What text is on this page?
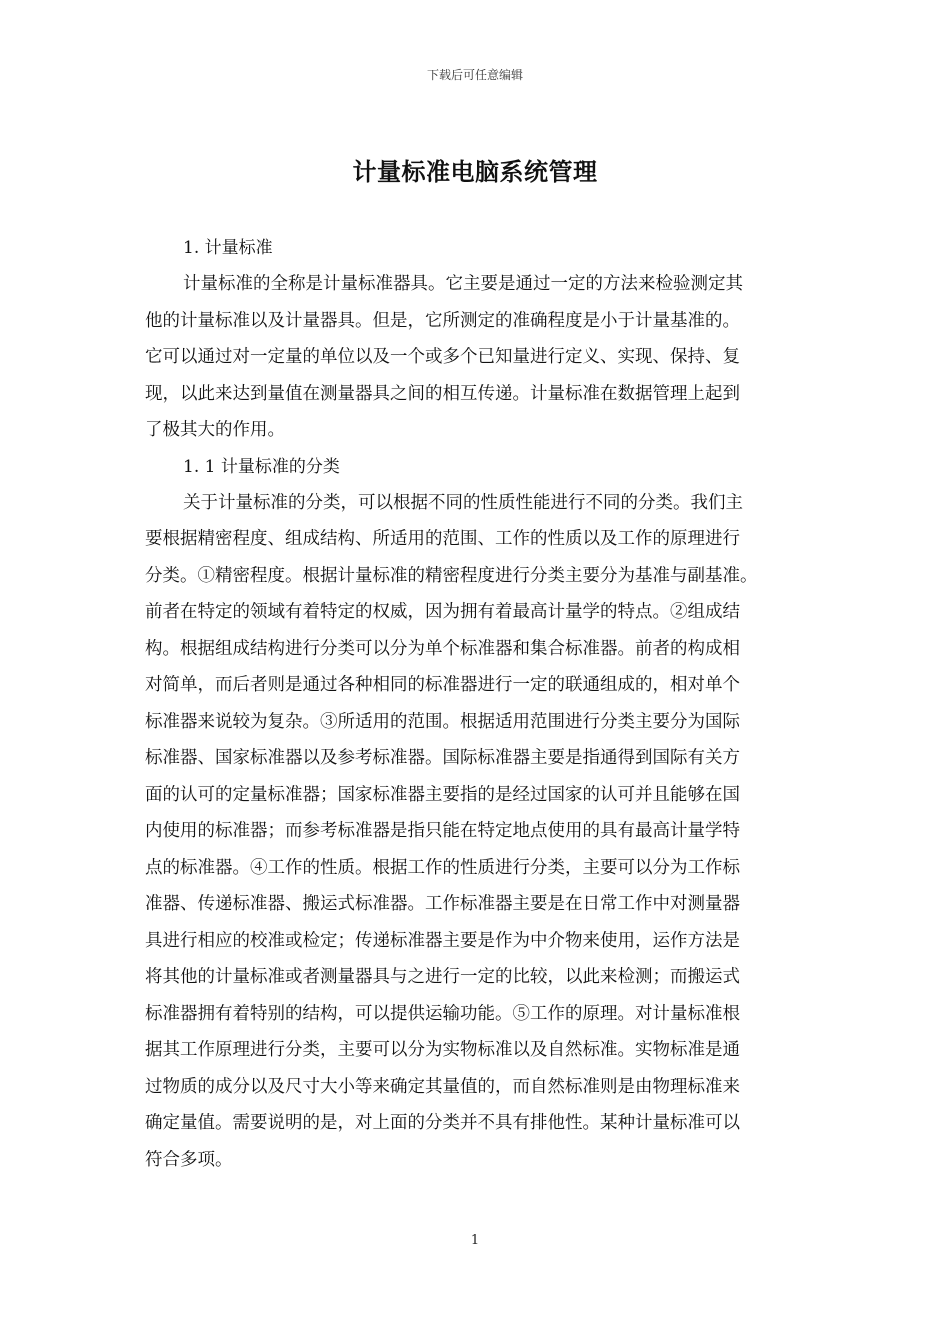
下载后可任意编辑
计量标准电脑系统管理

1. 计量标准

计量标准的全称是计量标准器具。它主要是通过一定的方法来检验测定其
他的计量标准以及计量器具。但是，它所测定的准确程度是小于计量基准的。
它可以通过对一定量的单位以及一个或多个已知量进行定义、实现、保持、复
现，以此来达到量值在测量器具之间的相互传递。计量标准在数据管理上起到
了极其大的作用。

1. 1 计量标准的分类

关于计量标准的分类，可以根据不同的性质性能进行不同的分类。我们主
要根据精密程度、组成结构、所适用的范围、工作的性质以及工作的原理进行
分类。①精密程度。根据计量标准的精密程度进行分类主要分为基准与副基准。
前者在特定的领域有着特定的权威，因为拥有着最高计量学的特点。②组成结
构。根据组成结构进行分类可以分为单个标准器和集合标准器。前者的构成相
对简单，而后者则是通过各种相同的标准器进行一定的联通组成的，相对单个
标准器来说较为复杂。③所适用的范围。根据适用范围进行分类主要分为国际
标准器、国家标准器以及参考标准器。国际标准器主要是指通得到国际有关方
面的认可的定量标准器；国家标准器主要指的是经过国家的认可并且能够在国
内使用的标准器；而参考标准器是指只能在特定地点使用的具有最高计量学特
点的标准器。④工作的性质。根据工作的性质进行分类，主要可以分为工作标
准器、传递标准器、搬运式标准器。工作标准器主要是在日常工作中对测量器
具进行相应的校准或检定；传递标准器主要是作为中介物来使用，运作方法是
将其他的计量标准或者测量器具与之进行一定的比较，以此来检测；而搬运式
标准器拥有着特别的结构，可以提供运输功能。⑤工作的原理。对计量标准根
据其工作原理进行分类，主要可以分为实物标准以及自然标准。实物标准是通
过物质的成分以及尺寸大小等来确定其量值的，而自然标准则是由物理标准来
确定量值。需要说明的是，对上面的分类并不具有排他性。某种计量标准可以
符合多项。
1
